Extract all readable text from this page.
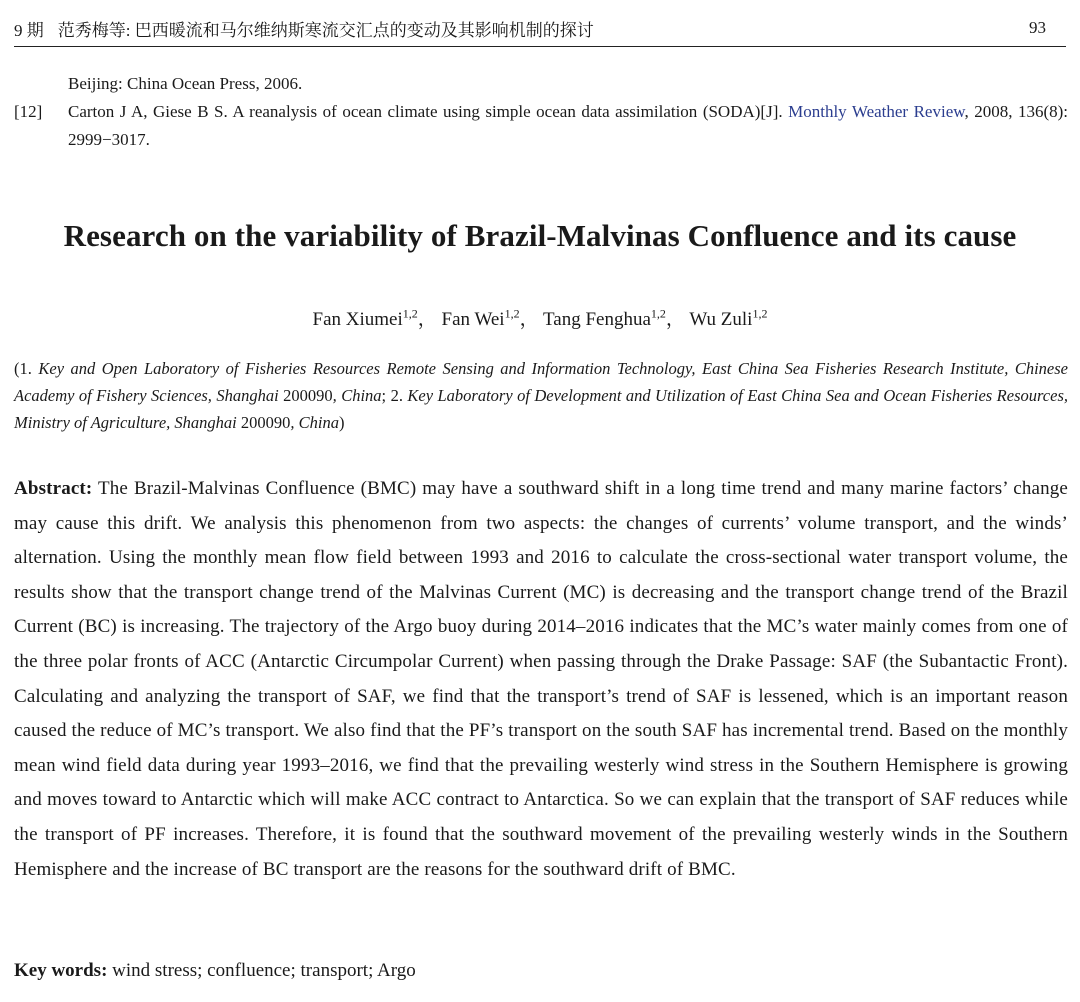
9 期 范秀梅等: 巴西暖流和马尔维纳斯寒流交汇点的变动及其影响机制的探讨	93
Beijing: China Ocean Press, 2006.
[12] Carton J A, Giese B S. A reanalysis of ocean climate using simple ocean data assimilation (SODA)[J]. Monthly Weather Review, 2008, 136(8): 2999−3017.
Research on the variability of Brazil-Malvinas Confluence and its cause
Fan Xiumei$^{1,2}$， Fan Wei$^{1,2}$， Tang Fenghua$^{1,2}$， Wu Zuli$^{1,2}$
(1. Key and Open Laboratory of Fisheries Resources Remote Sensing and Information Technology, East China Sea Fisheries Research Institute, Chinese Academy of Fishery Sciences, Shanghai 200090, China; 2. Key Laboratory of Development and Utilization of East China Sea and Ocean Fisheries Resources, Ministry of Agriculture, Shanghai 200090, China)
Abstract: The Brazil-Malvinas Confluence (BMC) may have a southward shift in a long time trend and many marine factors’ change may cause this drift. We analysis this phenomenon from two aspects: the changes of currents’ volume transport, and the winds’ alternation. Using the monthly mean flow field between 1993 and 2016 to calculate the cross-sectional water transport volume, the results show that the transport change trend of the Malvinas Current (MC) is decreasing and the transport change trend of the Brazil Current (BC) is increasing. The trajectory of the Argo buoy during 2014–2016 indicates that the MC’s water mainly comes from one of the three polar fronts of ACC (Antarctic Circumpolar Current) when passing through the Drake Passage: SAF (the Subantactic Front). Calculating and analyzing the transport of SAF, we find that the transport’s trend of SAF is lessened, which is an important reason caused the reduce of MC’s transport. We also find that the PF’s transport on the south SAF has incremental trend. Based on the monthly mean wind field data during year 1993–2016, we find that the prevailing westerly wind stress in the Southern Hemisphere is growing and moves toward to Antarctic which will make ACC contract to Antarctica. So we can explain that the transport of SAF reduces while the transport of PF increases. Therefore, it is found that the southward movement of the prevailing westerly winds in the Southern Hemisphere and the increase of BC transport are the reasons for the southward drift of BMC.
Key words: wind stress; confluence; transport; Argo
